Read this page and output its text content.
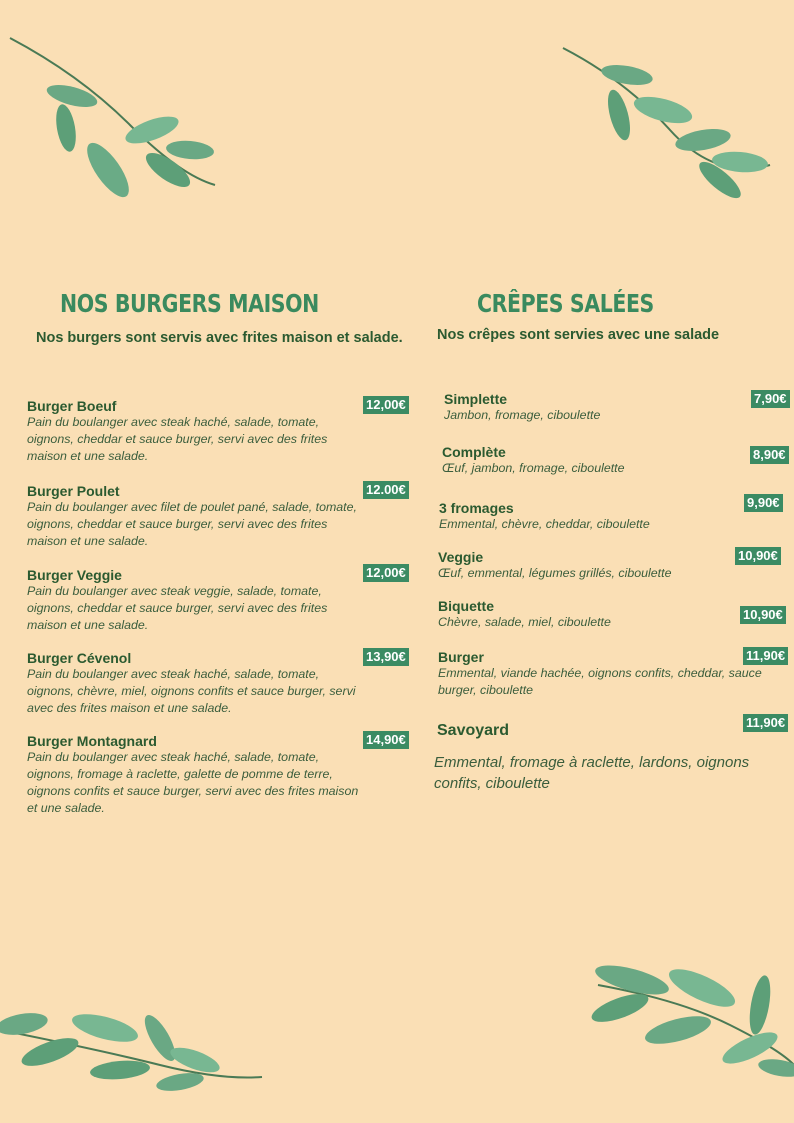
NOS BURGERS MAISON
Nos burgers sont servis avec frites maison et salade.
Burger Boeuf
Pain du boulanger avec steak haché, salade, tomate, oignons, cheddar et sauce burger, servi avec des frites maison et une salade.
12,00€
Burger Poulet
Pain du boulanger avec filet de poulet pané, salade, tomate, oignons, cheddar et sauce burger, servi avec des frites maison et une salade.
12.00€
Burger Veggie
Pain du boulanger avec steak veggie, salade, tomate, oignons, cheddar et sauce burger, servi avec des frites maison et une salade.
12,00€
Burger Cévenol
Pain du boulanger avec steak haché, salade, tomate, oignons, chèvre, miel, oignons confits et sauce burger, servi avec des frites maison et une salade.
13,90€
Burger Montagnard
Pain du boulanger avec steak haché, salade, tomate, oignons, fromage à raclette, galette de pomme de terre, oignons confits et sauce burger, servi avec des frites maison et une salade.
14,90€
CRÊPES SALÉES
Nos crêpes sont servies avec une salade
Simplette
Jambon, fromage, ciboulette
7,90€
Complète
Œuf, jambon, fromage, ciboulette
8,90€
3 fromages
Emmental, chèvre, cheddar, ciboulette
9,90€
Veggie
Œuf, emmental, légumes grillés, ciboulette
10,90€
Biquette
Chèvre, salade, miel, ciboulette	10,90€
Burger
Emmental, viande hachée, oignons confits, cheddar, sauce burger, ciboulette
11,90€
Savoyard
Emmental, fromage à raclette, lardons, oignons confits, ciboulette
11,90€
